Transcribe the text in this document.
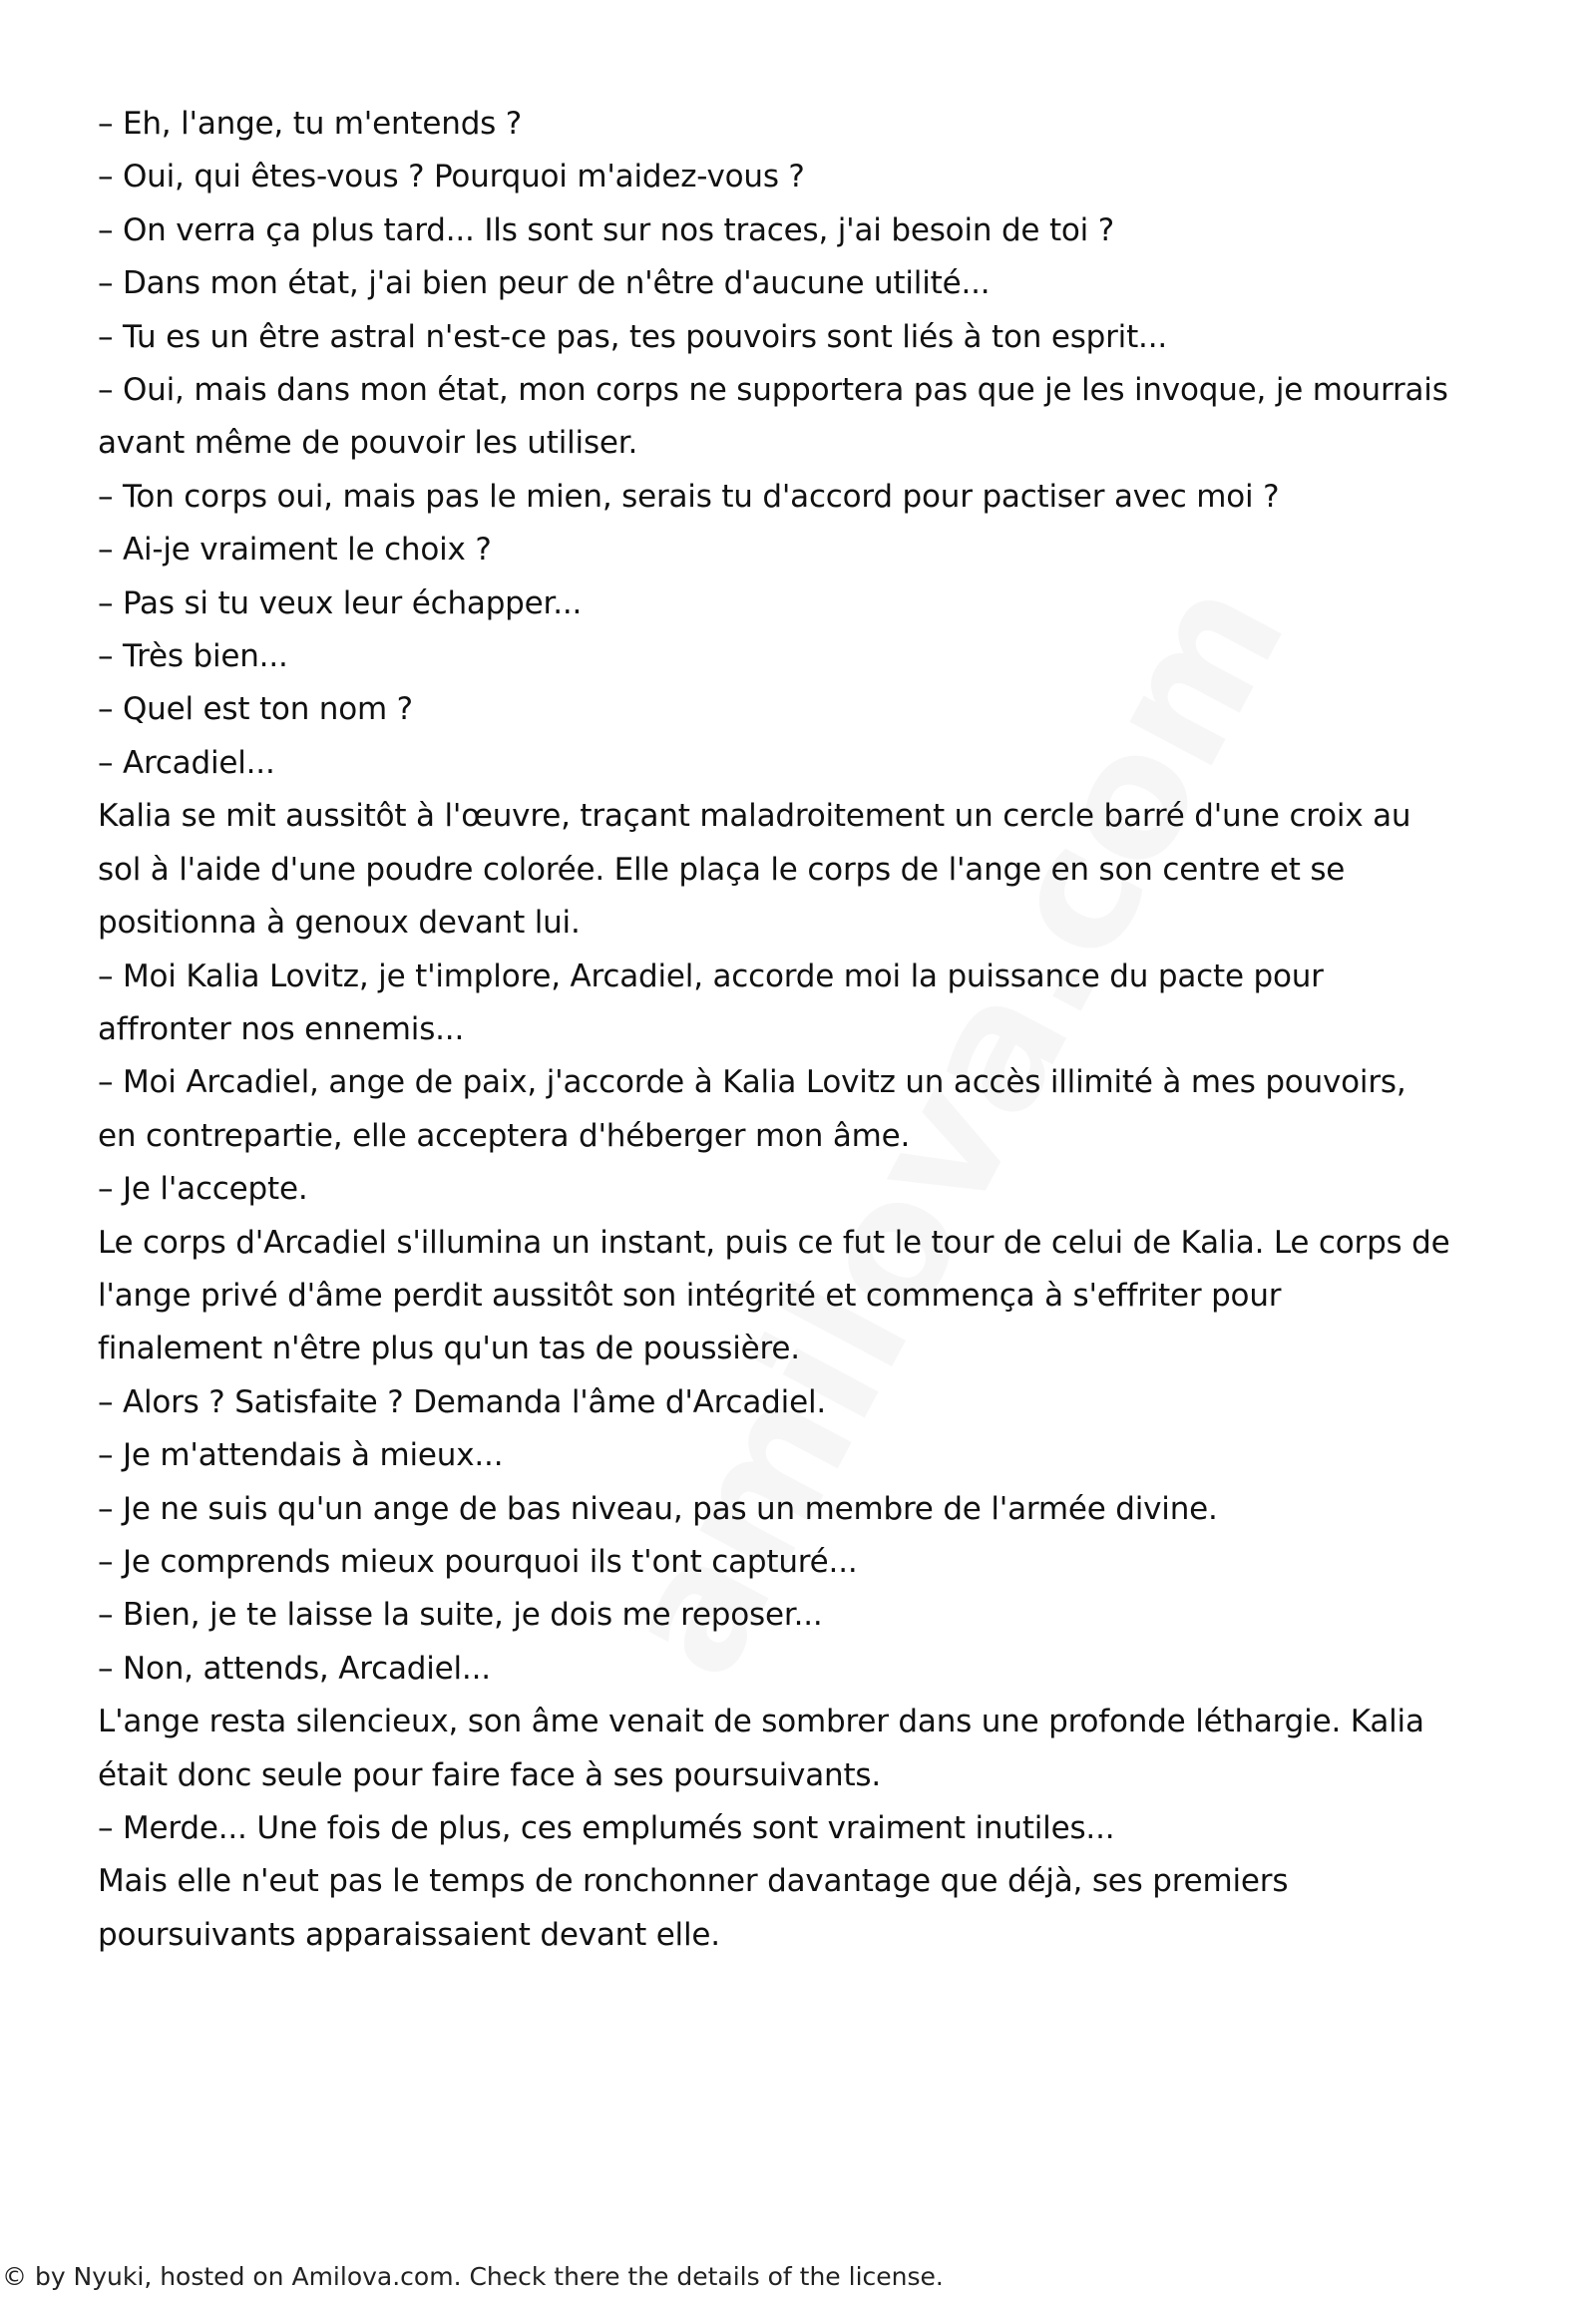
– Eh, l'ange, tu m'entends ?

– Oui, qui êtes-vous ? Pourquoi m'aidez-vous ?

– On verra ça plus tard... Ils sont sur nos traces, j'ai besoin de toi ?

– Dans mon état, j'ai bien peur de n'être d'aucune utilité...

– Tu es un être astral n'est-ce pas, tes pouvoirs sont liés à ton esprit...

– Oui, mais dans mon état, mon corps ne supportera pas que je les invoque, je mourrais

avant même de pouvoir les utiliser.

– Ton corps oui, mais pas le mien, serais tu d'accord pour pactiser avec moi ?

– Ai-je vraiment le choix ?

– Pas si tu veux leur échapper...

– Très bien...

– Quel est ton nom ?

– Arcadiel...

Kalia se mit aussitôt à l'œuvre, traçant maladroitement un cercle barré d'une croix au

sol à l'aide d'une poudre colorée. Elle plaça le corps de l'ange en son centre et se

positionna à genoux devant lui.

– Moi Kalia Lovitz, je t'implore, Arcadiel, accorde moi la puissance du pacte pour

affronter nos ennemis...

– Moi Arcadiel, ange de paix, j'accorde à Kalia Lovitz un accès illimité à mes pouvoirs,

en contrepartie, elle acceptera d'héberger mon âme.

– Je l'accepte.

Le corps d'Arcadiel s'illumina un instant, puis ce fut le tour de celui de Kalia. Le corps de

l'ange privé d'âme perdit aussitôt son intégrité et commença à s'effriter pour

finalement n'être plus qu'un tas de poussière.

– Alors ? Satisfaite ? Demanda l'âme d'Arcadiel.

– Je m'attendais à mieux...

– Je ne suis qu'un ange de bas niveau, pas un membre de l'armée divine.

– Je comprends mieux pourquoi ils t'ont capturé...

– Bien, je te laisse la suite, je dois me reposer...

– Non, attends, Arcadiel...

L'ange resta silencieux, son âme venait de sombrer dans une profonde léthargie. Kalia

était donc seule pour faire face à ses poursuivants.

– Merde... Une fois de plus, ces emplumés sont vraiment inutiles...

Mais elle n'eut pas le temps de ronchonner davantage que déjà, ses premiers

poursuivants apparaissaient devant elle.

© by Nyuki, hosted on Amilova.com. Check there the details of the license.
